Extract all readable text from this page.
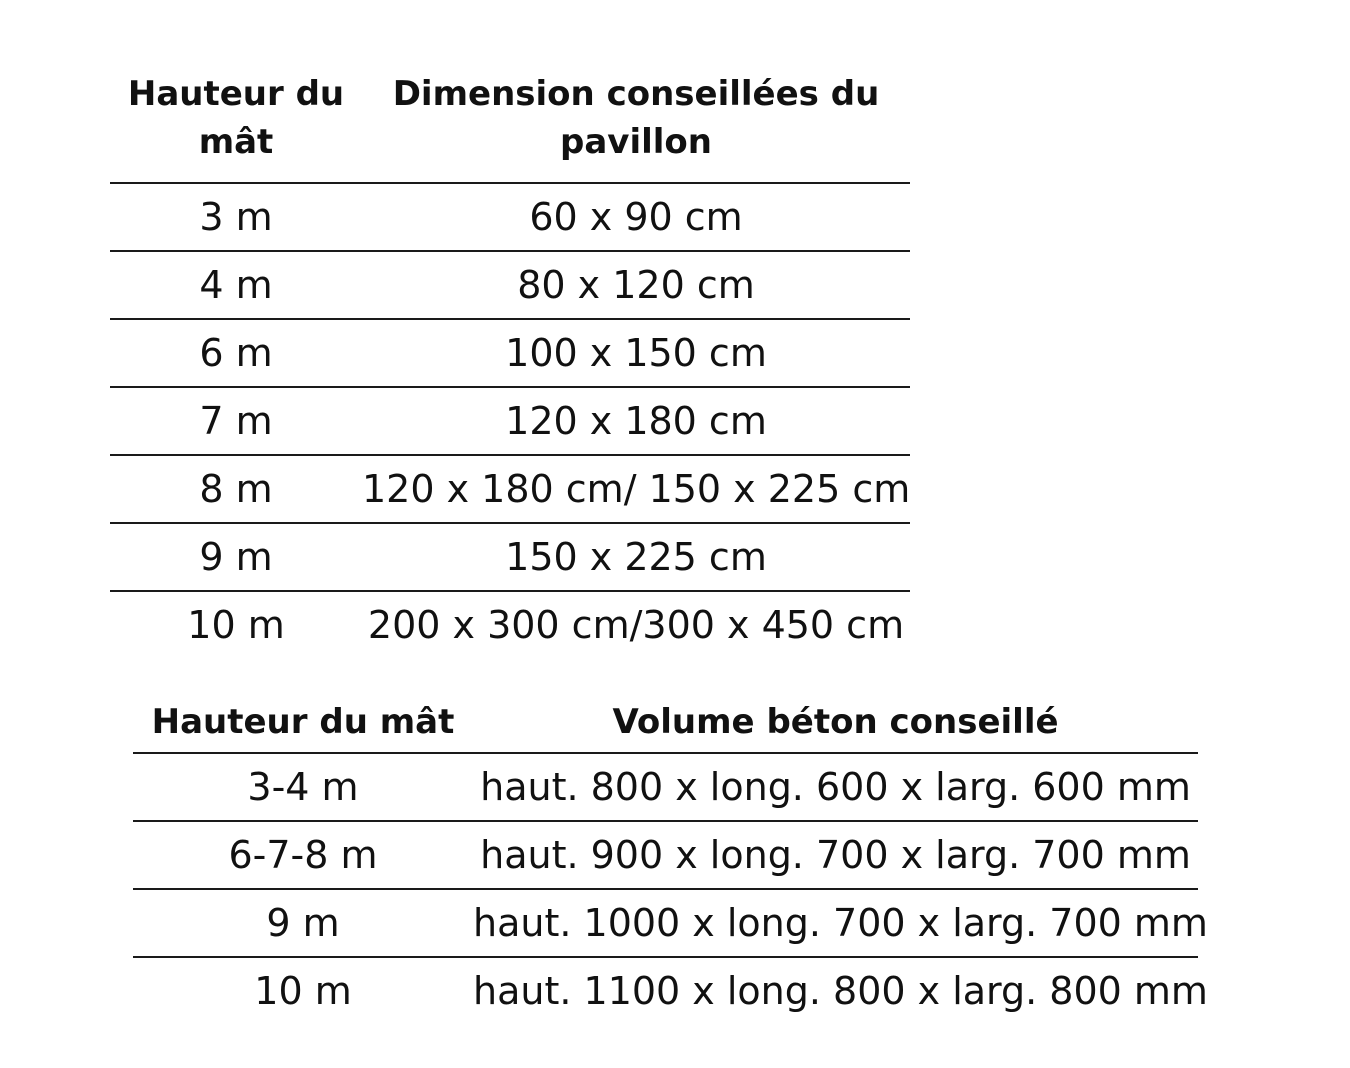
Hauteur du mât	Dimension conseillées du pavillon
3 m	60 x 90 cm
4 m	80 x 120 cm
6 m	100 x 150 cm
7 m	120 x 180 cm
8 m	120 x 180 cm/ 150 x 225 cm
9 m	150 x 225 cm
10 m	200 x 300 cm/300 x 450 cm
Hauteur du mât	Volume béton conseillé
3-4 m	haut. 800 x long. 600 x larg. 600 mm
6-7-8 m	haut. 900 x long. 700 x larg. 700 mm
9 m	haut. 1000 x long. 700 x larg. 700 mm
10 m	haut. 1100 x long. 800 x larg. 800 mm
